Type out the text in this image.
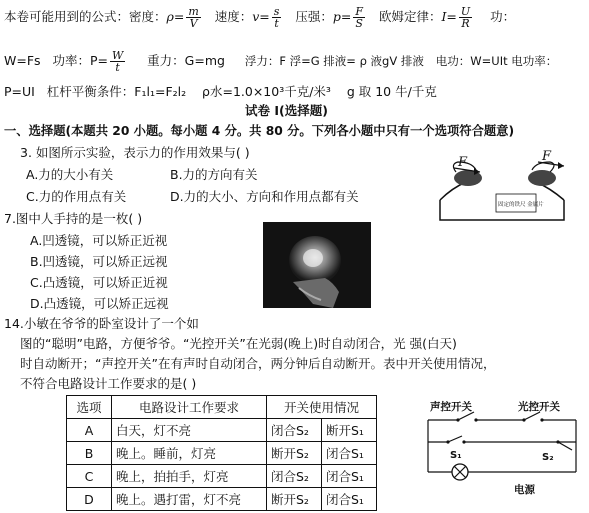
本卷可能用到的公式：密度：$\rho= \frac{m}{V}$ 速度：$v= \frac{s}{t}$ 压强：$p= \frac{F}{S}$ 欧姆定律：$I= \frac{U}{R}$ 功：
W=Fs 功率：$P= \frac{W}{t}$ 重力：G=mg 浮力：F 浮=G 排液= ρ 液gV 排液 电功：W=UIt 电功率：
P=UI 杠杆平衡条件：F₁l₁=F₂l₂ ρ水=1.0×10³千克/米³ g 取 10 牛/千克
试卷 I(选择题)
一、选择题(本题共 20 小题。每小题 4 分。共 80 分。下列各小题中只有一个选项符合题意)
3. 如图所示实验，表示力的作用效果与( )
A.力的大小有关	B.力的方向有关
C.力的作用点有关	D.力的大小、方向和作用点都有关
F	F
固定的铁尺 金属片
7.图中人手持的是一枚( )
A.凹透镜，可以矫正近视
B.凹透镜，可以矫正远视
C.凸透镜，可以矫正近视
D.凸透镜，可以矫正远视
14.小敏在爷爷的卧室设计了一个如
图的“聪明”电路，方便爷爷。“光控开关”在光弱(晚上)时自动闭合，光 强(白天)
时自动断开；“声控开关”在有声时自动闭合，两分钟后自动断开。表中开关使用情况，
不符合电路设计工作要求的是( )
选项	电路设计工作要求	开关使用情况	
A	白天，灯不亮	闭合S₂	断开S₁
B	晚上。睡前，灯亮	断开S₂	闭合S₁
C	晚上，拍拍手，灯亮	闭合S₂	闭合S₁
D	晚上。遇打雷，灯不亮	断开S₂	闭合S₁
声控开关	光控开关
S₁	S₂
电源
